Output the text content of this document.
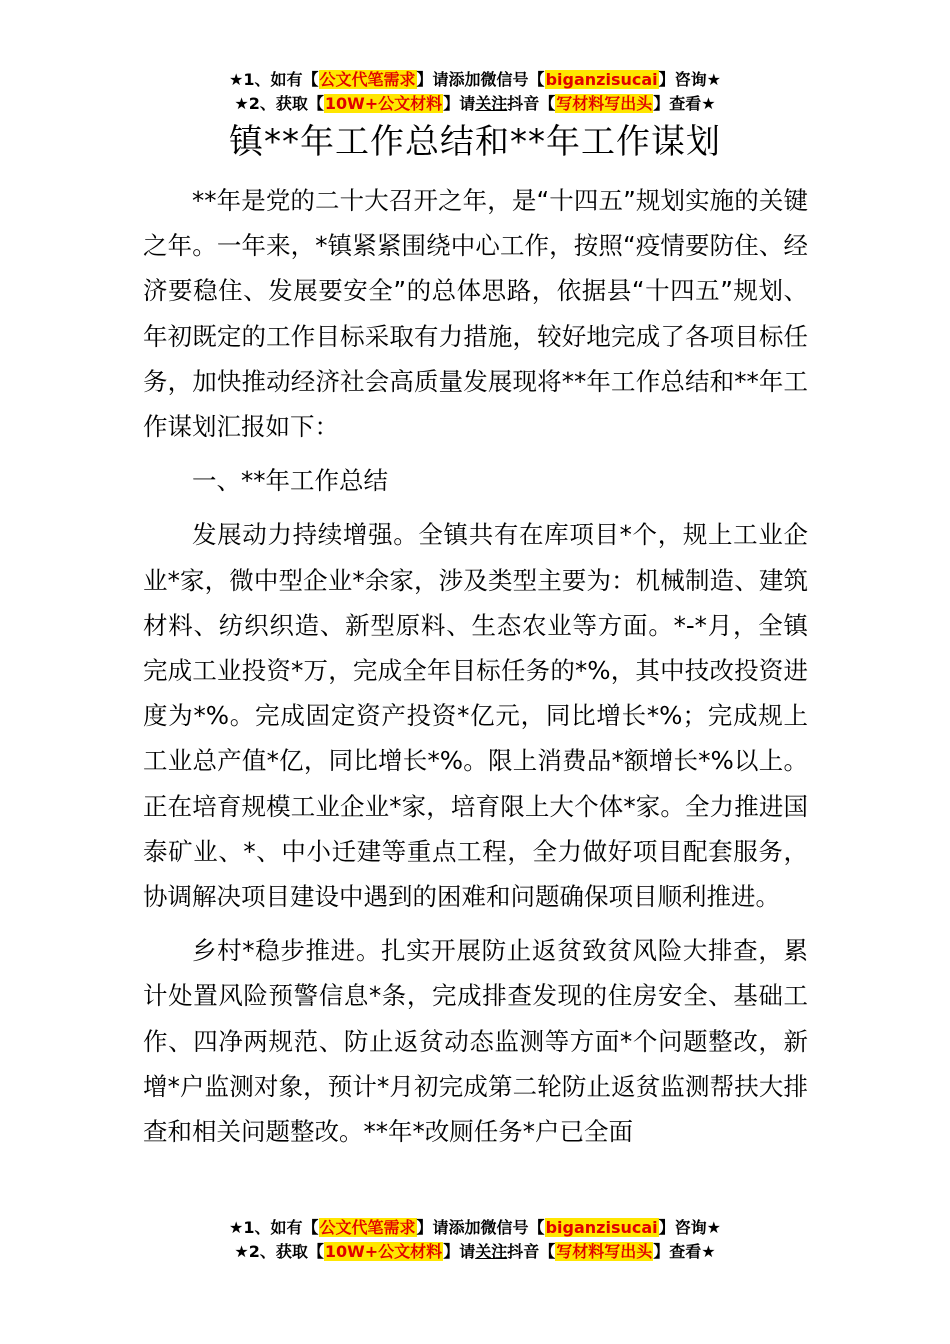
★1、如有【公文代笔需求】请添加微信号【biganzisucai】咨询★
★2、获取【10W+公文材料】请关注抖音【写材料写出头】查看★
镇**年工作总结和**年工作谋划

**年是党的二十大召开之年，是“十四五”规划实施的关键之年。一年来，*镇紧紧围绕中心工作，按照“疫情要防住、经济要稳住、发展要安全”的总体思路，依据县“十四五”规划、年初既定的工作目标采取有力措施，较好地完成了各项目标任务，加快推动经济社会高质量发展现将**年工作总结和**年工作谋划汇报如下：

一、**年工作总结

发展动力持续增强。全镇共有在库项目*个，规上工业企业*家，微中型企业*余家，涉及类型主要为：机械制造、建筑材料、纺织织造、新型原料、生态农业等方面。*-*月，全镇完成工业投资*万，完成全年目标任务的*%，其中技改投资进度为*%。完成固定资产投资*亿元，同比增长*%；完成规上工业总产值*亿，同比增长*%。限上消费品*额增长*%以上。正在培育规模工业企业*家，培育限上大个体*家。全力推进国泰矿业、*、中小迁建等重点工程，全力做好项目配套服务，协调解决项目建设中遇到的困难和问题确保项目顺利推进。

乡村*稳步推进。扎实开展防止返贫致贫风险大排查，累计处置风险预警信息*条，完成排查发现的住房安全、基础工作、四净两规范、防止返贫动态监测等方面*个问题整改，新增*户监测对象，预计*月初完成第二轮防止返贫监测帮扶大排查和相关问题整改。**年*改厕任务*户已全面

★1、如有【公文代笔需求】请添加微信号【biganzisucai】咨询★
★2、获取【10W+公文材料】请关注抖音【写材料写出头】查看★
